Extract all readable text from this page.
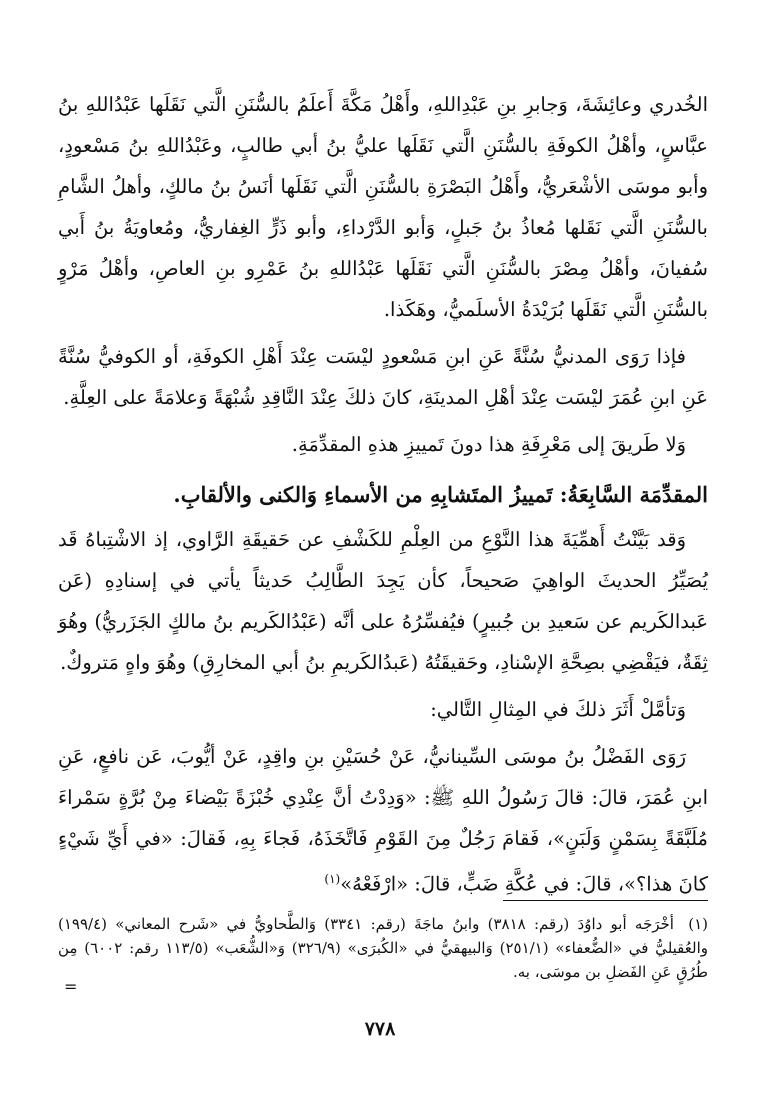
الخُدري وعائِشَةَ، وَجابرِ بنِ عَبْدِاللهِ، وأَهْلُ مَكَّةَ أَعلَمُ بالسُّنَنِ الَّتي نَقَلَها عَبْدُاللهِ بنُ عبَّاسٍ، وأهْلُ الكوفَةِ بالسُّنَنِ الَّتي نَقَلَها عليُّ بنُ أبي طالبٍ، وعَبْدُاللهِ بنُ مَسْعودٍ، وأبو موسَى الأشْعَريُّ، وأَهْلُ البَصْرَةِ بالسُّنَنِ الَّتي نَقَلَها أنَسُ بنُ مالكٍ، وأهلُ الشَّامِ بالسُّنَنِ الَّتي نَقَلها مُعاذُ بنُ جَبلٍ، وَأبو الدَّرْداءِ، وأبو ذَرٍّ الغِفاريُّ، ومُعاويَةُ بنُ أَبي سُفيانَ، وأهْلُ مِصْرَ بالسُّنَنِ الَّتي نَقَلَها عَبْدُاللهِ بنُ عَمْرِو بنِ العاصِ، وأهْلُ مَرْوٍ بالسُّنَنِ الَّتي نَقَلَها بُرَيْدَةُ الأسلَميُّ، وهَكَذا.

فإذا رَوَى المدنيُّ سُنَّةً عَنِ ابنِ مَسْعودٍ ليْسَت عِنْدَ أَهْلِ الكوفَةِ، أو الكوفيُّ سُنَّةً عَنِ ابنِ عُمَرَ ليْسَت عِنْدَ أهْلِ المدينَةِ، كانَ ذلكَ عِنْدَ النَّاقِدِ شُبْهَةً وَعلامَةً على العِلَّةِ.

وَلا طَريقَ إلى مَعْرِفَةِ هذا دونَ تَمييزِ هذهِ المقدِّمَةِ.

المقدِّمَة السَّابِعَةُ: تَمييزُ المتَشابِهِ من الأسماءِ وَالكنى والألقابِ.

وَقد بَيَّنْتُ أَهمِّيَةَ هذا النَّوْعِ من العِلْمِ للكَشْفِ عن حَقيقَةِ الرَّاوي، إذ الاشْتِباهُ قَد يُصَيِّرُ الحديثَ الواهِيَ صَحيحاً، كأن يَجِدَ الطَّالِبُ حَديثاً يأتي في إسنادِهِ (عَن عَبدالكَريم عن سَعيدِ بن جُبيرٍ) فيُفسِّرُهُ على أنَّه (عَبْدُالكَريم بنُ مالكٍ الجَزَريُّ) وهُوَ ثِقَةٌ، فيَقْضِي بصِحَّةِ الإسْنادِ، وحَقيقَتُهُ (عَبدُالكَريمِ بنُ أبي المخارِقِ) وهُوَ واهٍ مَتروكٌ.

وَتأمَّلْ أَثَرَ ذلكَ في المِثالِ التَّالي:

رَوَى الفَضْلُ بنُ موسَى السِّينانيُّ، عَنْ حُسَيْنِ بنِ واقِدٍ، عَنْ أيُّوبَ، عَن نافعٍ، عَنِ ابنِ عُمَرَ، قالَ: قالَ رَسُولُ اللهِ ﷺ: «وَدِدْتُ أنَّ عِنْدِي خُبْزَةً بَيْضاءَ مِنْ بُرَّةٍ سَمْراءَ مُلَبَّقَةً بِسَمْنٍ وَلَبَنٍ»، فَقامَ رَجُلٌ مِنَ القَوْمِ فَاتَّخَذَهُ، فَجاءَ بِهِ، فَقالَ: «في أَيِّ شَيْءٍ كانَ هذا؟»، قالَ: في عُكَّةِ ضَبٍّ، قالَ: «ارْفَعْهُ»$^{(١)}$

(١) أخْرَجَه أبو داوُدَ (رقم: ٣٨١٨) وابنُ ماجَةَ (رقم: ٣٣٤١) وَالطَّحاويُّ في «شَرح المعاني» (١٩٩/٤) والعُقيليُّ في «الضُّعفاء» (٢٥١/١) وَالبيهقيُّ في «الكُبرَى» (٣٢٦/٩) وَ«الشُّعَب» (١١٣/٥ رقم: ٦٠٠٢) مِن طُرُقٍ عَنِ الفَضلِ بن موسَى، به.
=
٧٧٨
